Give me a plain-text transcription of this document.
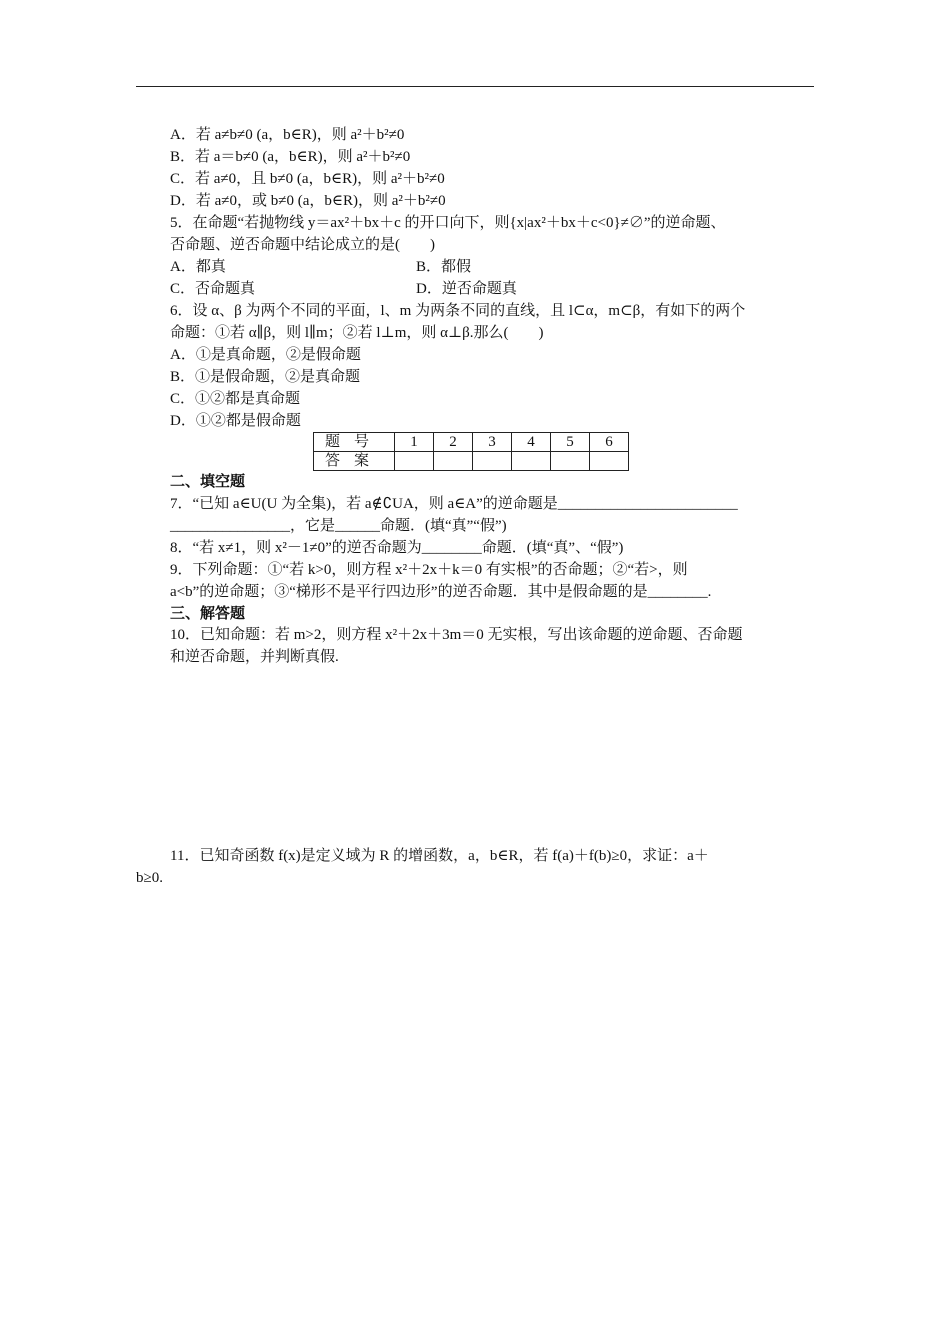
A．若 a≠b≠0 (a，b∈R)，则 a²＋b²≠0
B．若 a＝b≠0 (a，b∈R)，则 a²＋b²≠0
C．若 a≠0，且 b≠0 (a，b∈R)，则 a²＋b²≠0
D．若 a≠0，或 b≠0 (a，b∈R)，则 a²＋b²≠0
5．在命题“若抛物线 y＝ax²＋bx＋c 的开口向下，则{x|ax²＋bx＋c<0}≠∅”的逆命题、
否命题、逆否命题中结论成立的是(　　)
A．都真	B．都假
C．否命题真	D．逆否命题真
6．设 α、β 为两个不同的平面，l、m 为两条不同的直线，且 l⊂α，m⊂β，有如下的两个
命题：①若 α∥β，则 l∥m；②若 l⊥m，则 α⊥β.那么(　　)
A．①是真命题，②是假命题
B．①是假命题，②是真命题
C．①②都是真命题
D．①②都是假命题
题号	1	2	3	4	5	6
答案						
二、填空题
7．“已知 a∈U(U 为全集)，若 a∉∁UA，则 a∈A”的逆命题是________________________
________________，它是______命题．(填“真”“假”)
8．“若 x≠1，则 x²－1≠0”的逆否命题为________命题．(填“真”、“假”)
9．下列命题：①“若 k>0，则方程 x²＋2x＋k＝0 有实根”的否命题；②“若>，则
a<b”的逆命题；③“梯形不是平行四边形”的逆否命题．其中是假命题的是________.
三、解答题
10．已知命题：若 m>2，则方程 x²＋2x＋3m＝0 无实根，写出该命题的逆命题、否命题
和逆否命题，并判断真假.
11．已知奇函数 f(x)是定义域为 R 的增函数，a，b∈R，若 f(a)＋f(b)≥0，求证：a＋
b≥0.
